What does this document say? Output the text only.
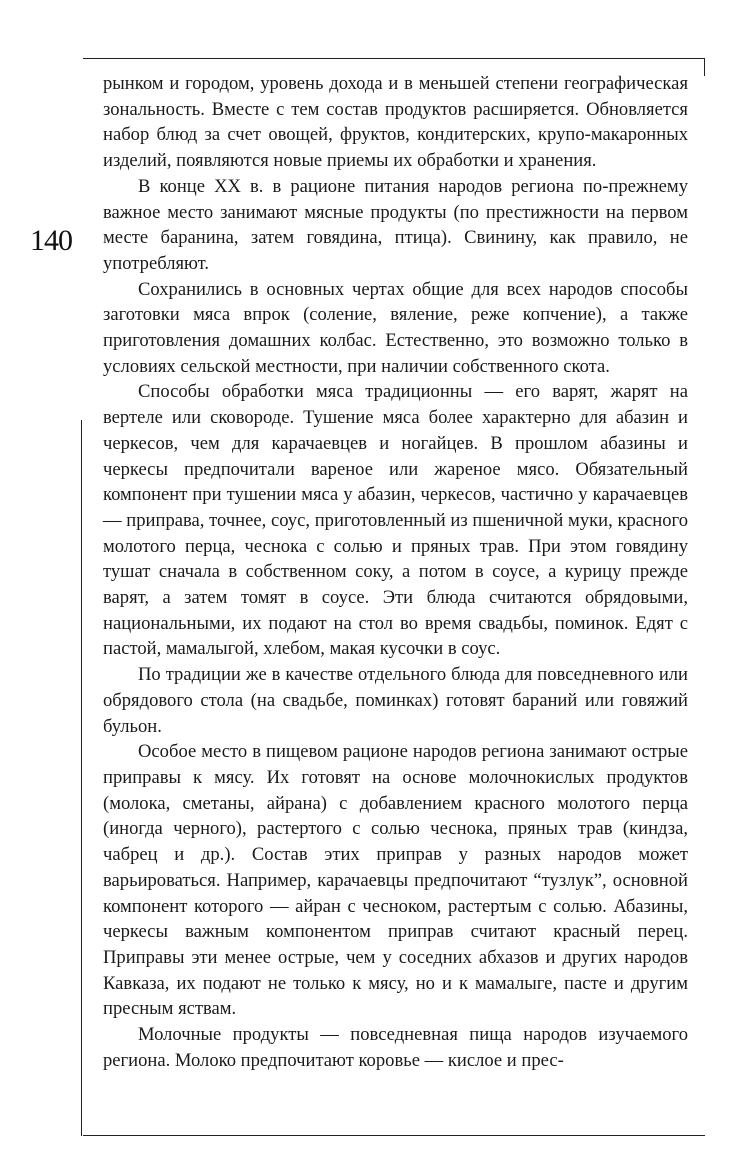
140

рынком и городом, уровень дохода и в меньшей степени географическая зональность. Вместе с тем состав продуктов расширяется. Обновляется набор блюд за счет овощей, фруктов, кондитерских, крупо-макаронных изделий, появляются новые приемы их обработки и хранения.

В конце XX в. в рационе питания народов региона по-прежнему важное место занимают мясные продукты (по престижности на первом месте баранина, затем говядина, птица). Свинину, как правило, не употребляют.

Сохранились в основных чертах общие для всех народов способы заготовки мяса впрок (соление, вяление, реже копчение), а также приготовления домашних колбас. Естественно, это возможно только в условиях сельской местности, при наличии собственного скота.

Способы обработки мяса традиционны — его варят, жарят на вертеле или сковороде. Тушение мяса более характерно для абазин и черкесов, чем для карачаевцев и ногайцев. В прошлом абазины и черкесы предпочитали вареное или жареное мясо. Обязательный компонент при тушении мяса у абазин, черкесов, частично у карачаевцев — приправа, точнее, соус, приготовленный из пшеничной муки, красного молотого перца, чеснока с солью и пряных трав. При этом говядину тушат сначала в собственном соку, а потом в соусе, а курицу прежде варят, а затем томят в соусе. Эти блюда считаются обрядовыми, национальными, их подают на стол во время свадьбы, поминок. Едят с пастой, мамалыгой, хлебом, макая кусочки в соус.

По традиции же в качестве отдельного блюда для повседневного или обрядового стола (на свадьбе, поминках) готовят бараний или говяжий бульон.

Особое место в пищевом рационе народов региона занимают острые приправы к мясу. Их готовят на основе молочнокислых продуктов (молока, сметаны, айрана) с добавлением красного молотого перца (иногда черного), растертого с солью чеснока, пряных трав (киндза, чабрец и др.). Состав этих приправ у разных народов может варьироваться. Например, карачаевцы предпочитают “тузлук”, основной компонент которого — айран с чесноком, растертым с солью. Абазины, черкесы важным компонентом приправ считают красный перец. Приправы эти менее острые, чем у соседних абхазов и других народов Кавказа, их подают не только к мясу, но и к мамалыге, пасте и другим пресным яствам.

Молочные продукты — повседневная пища народов изучаемого региона. Молоко предпочитают коровье — кислое и прес-
